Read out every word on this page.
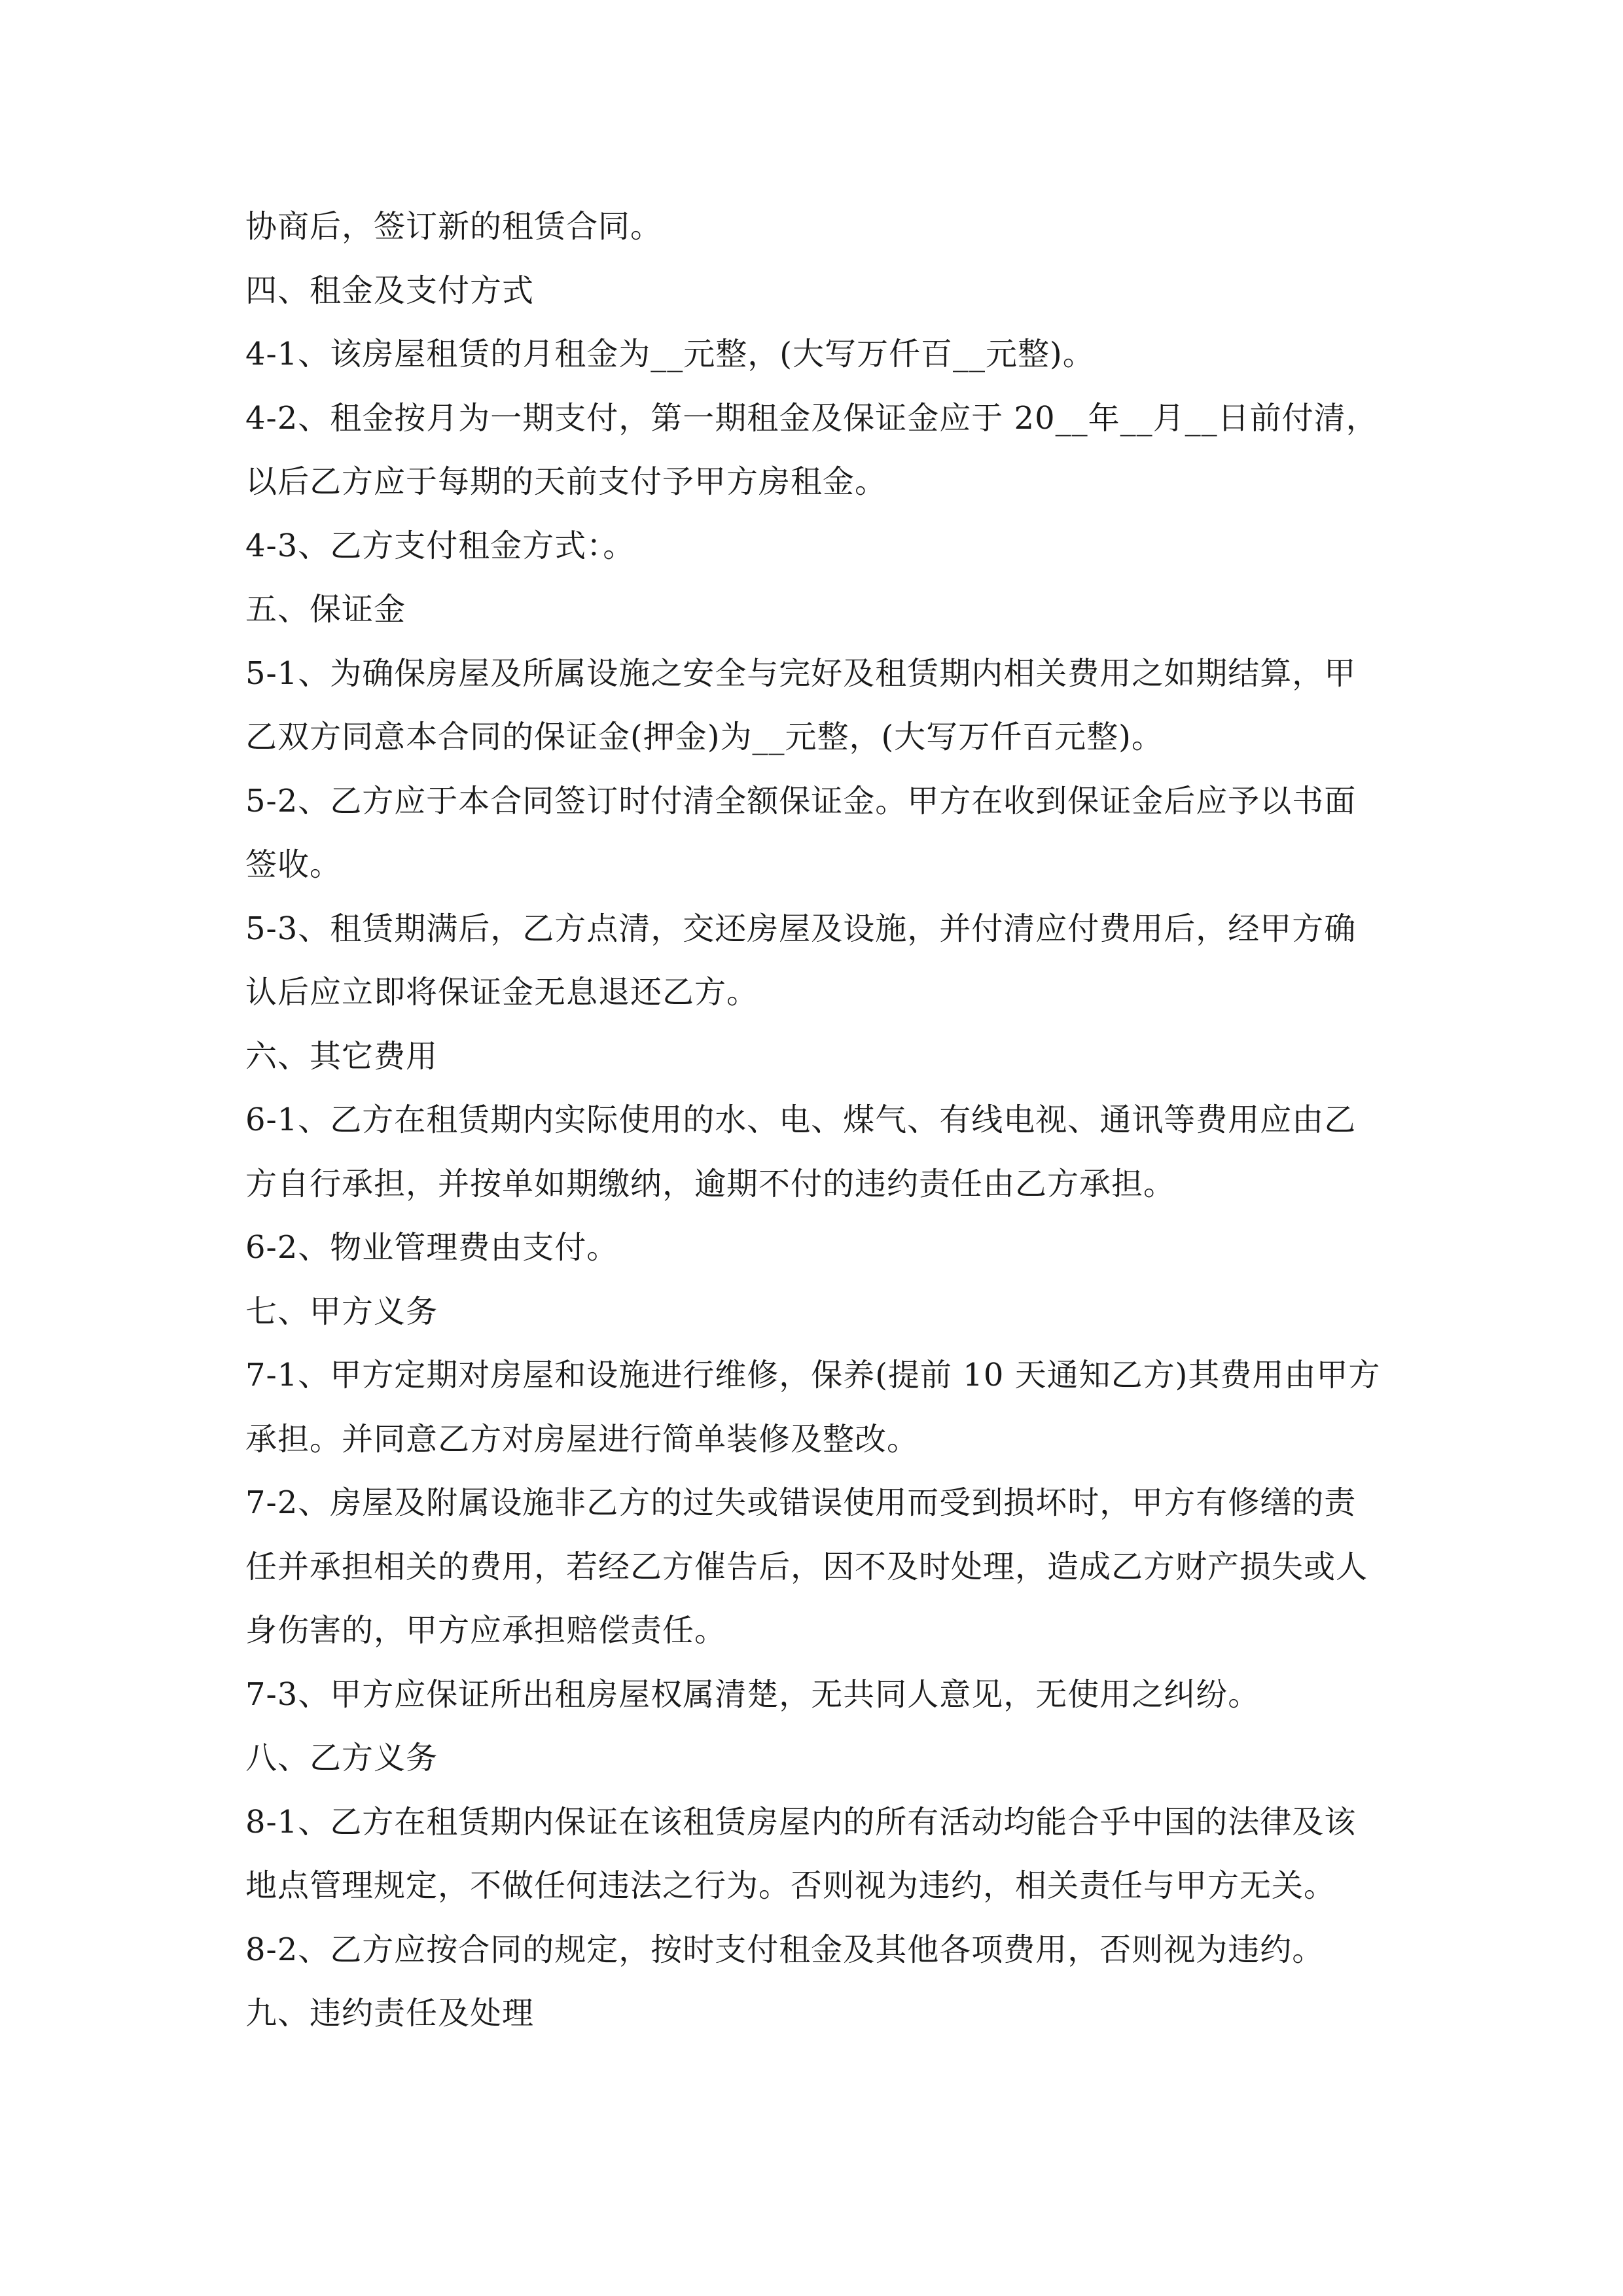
协商后，签订新的租赁合同。
四、租金及支付方式
4-1、该房屋租赁的月租金为__元整，(大写万仟百__元整)。
4-2、租金按月为一期支付，第一期租金及保证金应于 20__年__月__日前付清，
以后乙方应于每期的天前支付予甲方房租金。
4-3、乙方支付租金方式：。
五、保证金
5-1、为确保房屋及所属设施之安全与完好及租赁期内相关费用之如期结算，甲
乙双方同意本合同的保证金(押金)为__元整，(大写万仟百元整)。
5-2、乙方应于本合同签订时付清全额保证金。甲方在收到保证金后应予以书面
签收。
5-3、租赁期满后，乙方点清，交还房屋及设施，并付清应付费用后，经甲方确
认后应立即将保证金无息退还乙方。
六、其它费用
6-1、乙方在租赁期内实际使用的水、电、煤气、有线电视、通讯等费用应由乙
方自行承担，并按单如期缴纳，逾期不付的违约责任由乙方承担。
6-2、物业管理费由支付。
七、甲方义务
7-1、甲方定期对房屋和设施进行维修，保养(提前 10 天通知乙方)其费用由甲方
承担。并同意乙方对房屋进行简单装修及整改。
7-2、房屋及附属设施非乙方的过失或错误使用而受到损坏时，甲方有修缮的责
任并承担相关的费用，若经乙方催告后，因不及时处理，造成乙方财产损失或人
身伤害的，甲方应承担赔偿责任。
7-3、甲方应保证所出租房屋权属清楚，无共同人意见，无使用之纠纷。
八、乙方义务
8-1、乙方在租赁期内保证在该租赁房屋内的所有活动均能合乎中国的法律及该
地点管理规定，不做任何违法之行为。否则视为违约，相关责任与甲方无关。
8-2、乙方应按合同的规定，按时支付租金及其他各项费用，否则视为违约。
九、违约责任及处理
